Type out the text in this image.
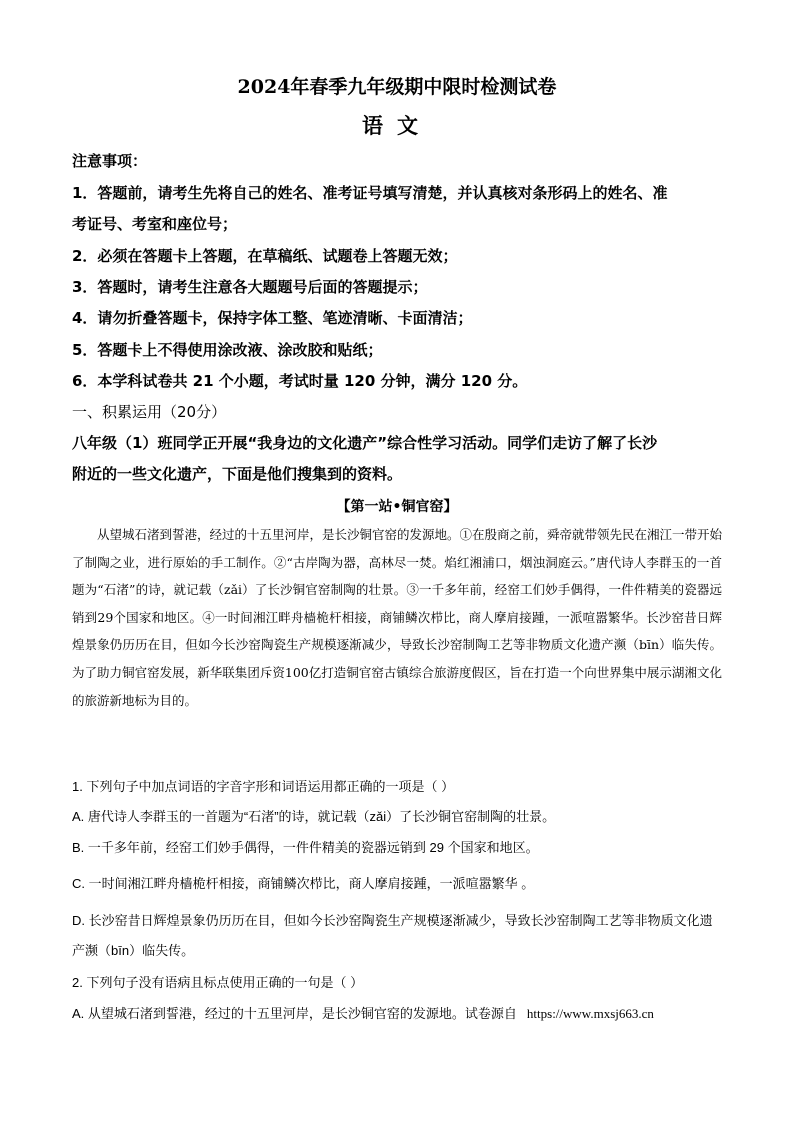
2024年春季九年级期中限时检测试卷
语文
注意事项：
1．答题前，请考生先将自己的姓名、准考证号填写清楚，并认真核对条形码上的姓名、准
考证号、考室和座位号；
2．必须在答题卡上答题，在草稿纸、试题卷上答题无效；
3．答题时，请考生注意各大题题号后面的答题提示；
4．请勿折叠答题卡，保持字体工整、笔迹清晰、卡面清洁；
5．答题卡上不得使用涂改液、涂改胶和贴纸；
6．本学科试卷共 21 个小题，考试时量 120 分钟，满分 120 分。
一、积累运用（20分）
八年级（1）班同学正开展“我身边的文化遗产”综合性学习活动。同学们走访了解了长沙
附近的一些文化遗产，下面是他们搜集到的资料。
【第一站•铜官窑】
从望城石渚到誓港，经过的十五里河岸，是长沙铜官窑的发源地。①在殷商之前，舜帝就带领先民在湘江一带开始了制陶之业，进行原始的手工制作。②“古岸陶为器，高林尽一焚。焰红湘浦口，烟浊洞庭云。”唐代诗人李群玉的一首题为“石渚”的诗，就记载（zǎi）了长沙铜官窑制陶的壮景。③一千多年前，经窑工们妙手偶得，一件件精美的瓷器远销到29个国家和地区。④一时间湘江畔舟樯桅杆相接，商铺鳞次栉比，商人摩肩接踵，一派喧嚣繁华。长沙窑昔日辉煌景象仍历历在目，但如今长沙窑陶瓷生产规模逐渐减少，导致长沙窑制陶工艺等非物质文化遗产濒（bīn）临失传。为了助力铜官窑发展，新华联集团斥资100亿打造铜官窑古镇综合旅游度假区，旨在打造一个向世界集中展示湖湘文化的旅游新地标为目的。
1. 下列句子中加点词语的字音字形和词语运用都正确的一项是（ ）
A. 唐代诗人李群玉的一首题为“石渚”的诗，就记载（zǎi）了长沙铜官窑制陶的壮景。
B. 一千多年前，经窑工们妙手偶得，一件件精美的瓷器远销到 29 个国家和地区。
C. 一时间湘江畔舟樯桅杆相接，商铺鳞次栉比，商人摩肩接踵，一派喧嚣繁华 。
D. 长沙窑昔日辉煌景象仍历历在目，但如今长沙窑陶瓷生产规模逐渐减少，导致长沙窑制陶工艺等非物质文化遗产濒（bīn）临失传。
2. 下列句子没有语病且标点使用正确的一句是（ ）
A. 从望城石渚到誓港，经过的十五里河岸，是长沙铜官窑的发源地。试卷源自 https://www.mxsj663.cn
